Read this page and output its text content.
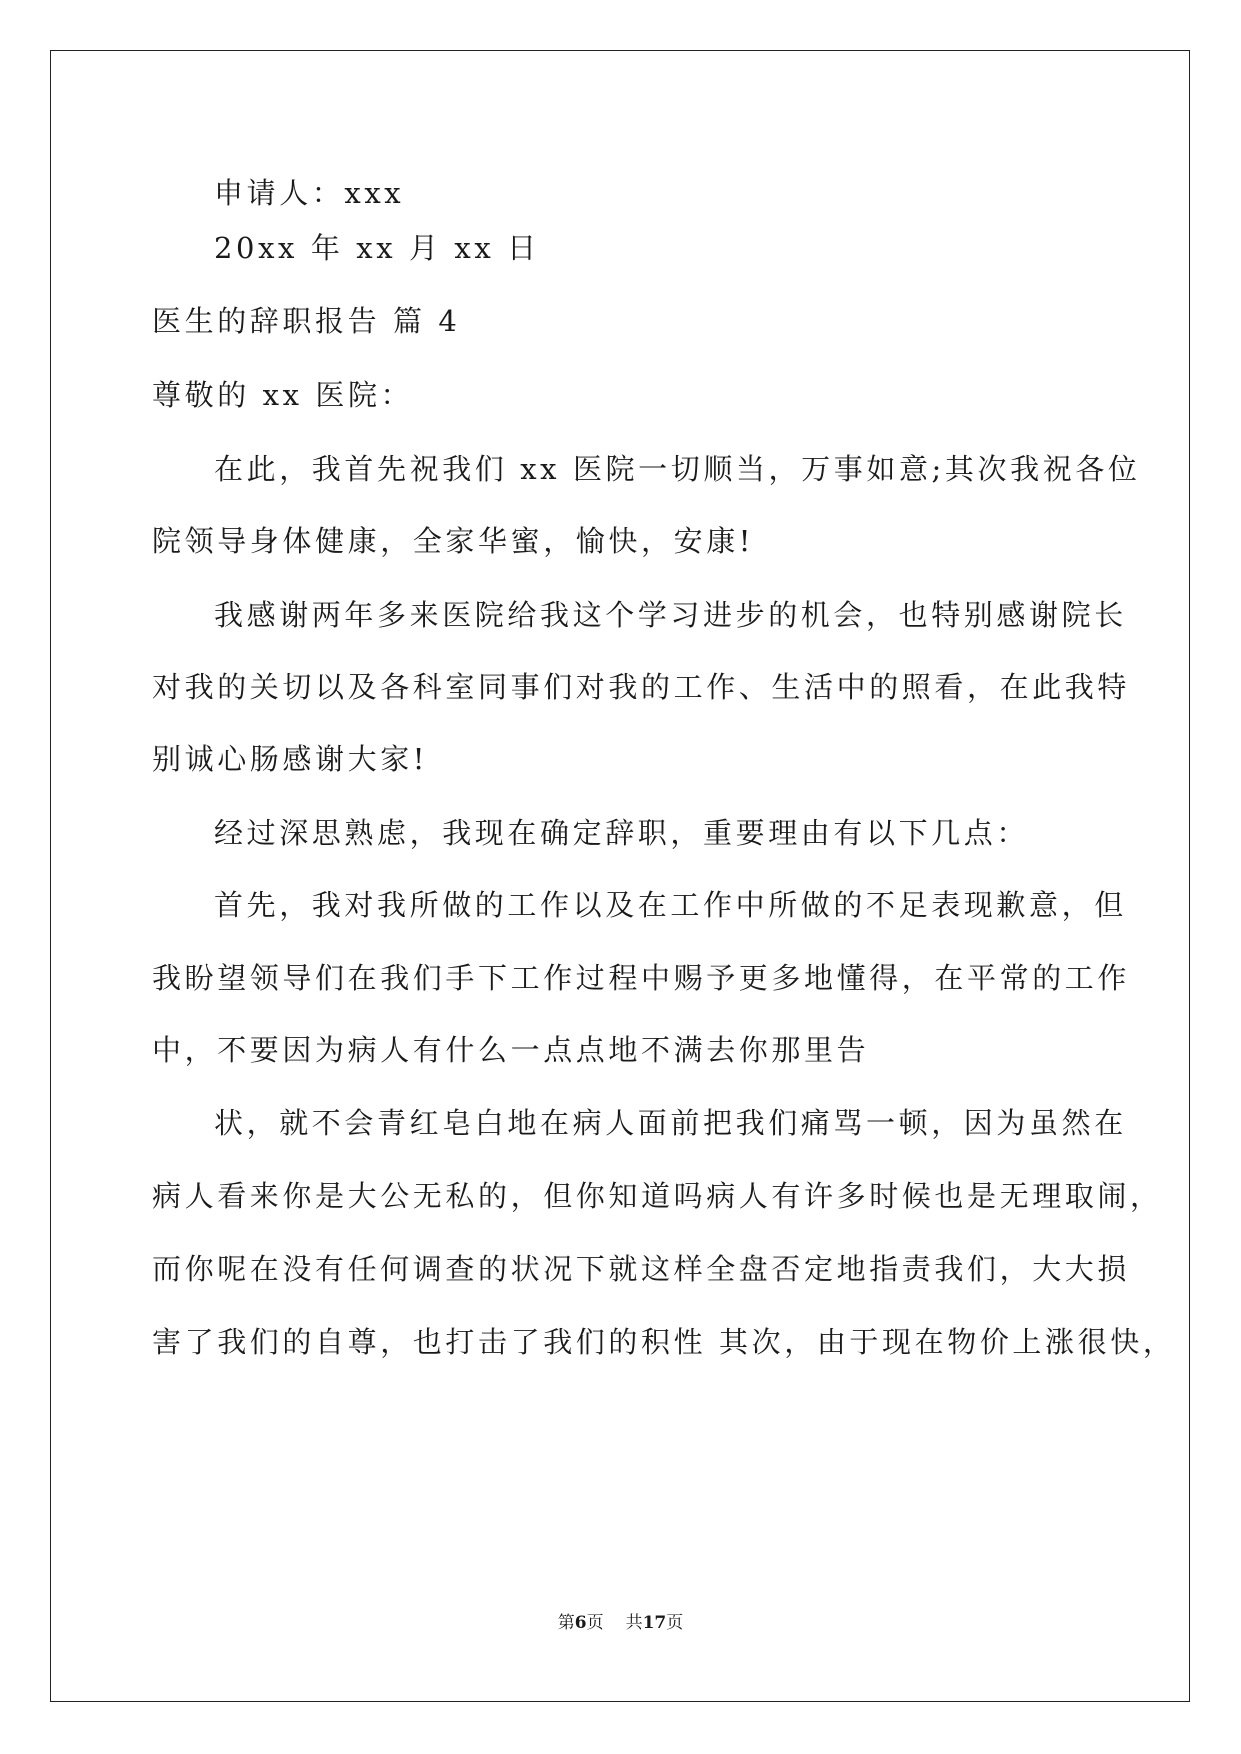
申请人：xxx
20xx 年 xx 月 xx 日
医生的辞职报告 篇 4
尊敬的 xx 医院：
在此，我首先祝我们 xx 医院一切顺当，万事如意;其次我祝各位
院领导身体健康，全家华蜜，愉快，安康!
我感谢两年多来医院给我这个学习进步的机会，也特别感谢院长
对我的关切以及各科室同事们对我的工作、生活中的照看，在此我特
别诚心肠感谢大家!
经过深思熟虑，我现在确定辞职，重要理由有以下几点：
首先，我对我所做的工作以及在工作中所做的不足表现歉意，但
我盼望领导们在我们手下工作过程中赐予更多地懂得，在平常的工作
中，不要因为病人有什么一点点地不满去你那里告
状，就不会青红皂白地在病人面前把我们痛骂一顿，因为虽然在
病人看来你是大公无私的，但你知道吗病人有许多时候也是无理取闹，
而你呢在没有任何调查的状况下就这样全盘否定地指责我们，大大损
害了我们的自尊，也打击了我们的积性 其次，由于现在物价上涨很快，
第6页 共17页
